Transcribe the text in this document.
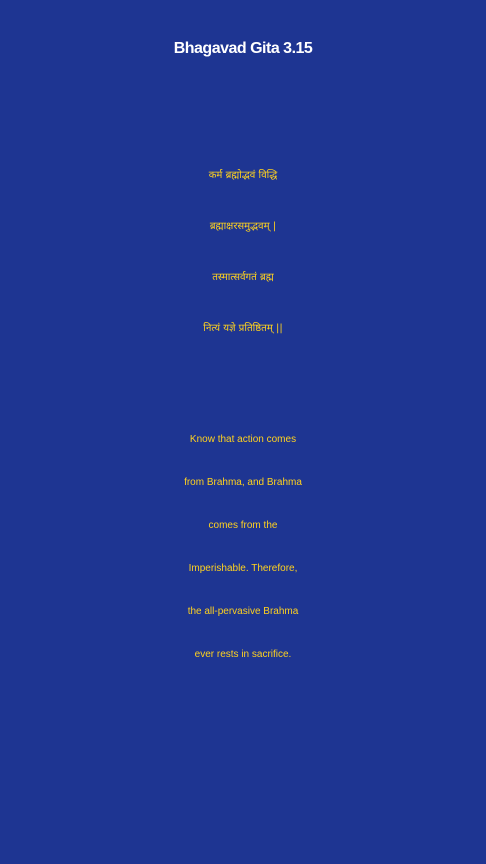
Bhagavad Gita 3.15
कर्म ब्रह्मोद्भवं विद्धि
ब्रह्माक्षरसमुद्भवम् |
तस्मात्सर्वगतं ब्रह्म
नित्यं यज्ञे प्रतिष्ठितम् ||
Know that action comes
from Brahma, and Brahma
comes from the
Imperishable. Therefore,
the all-pervasive Brahma
ever rests in sacrifice.
